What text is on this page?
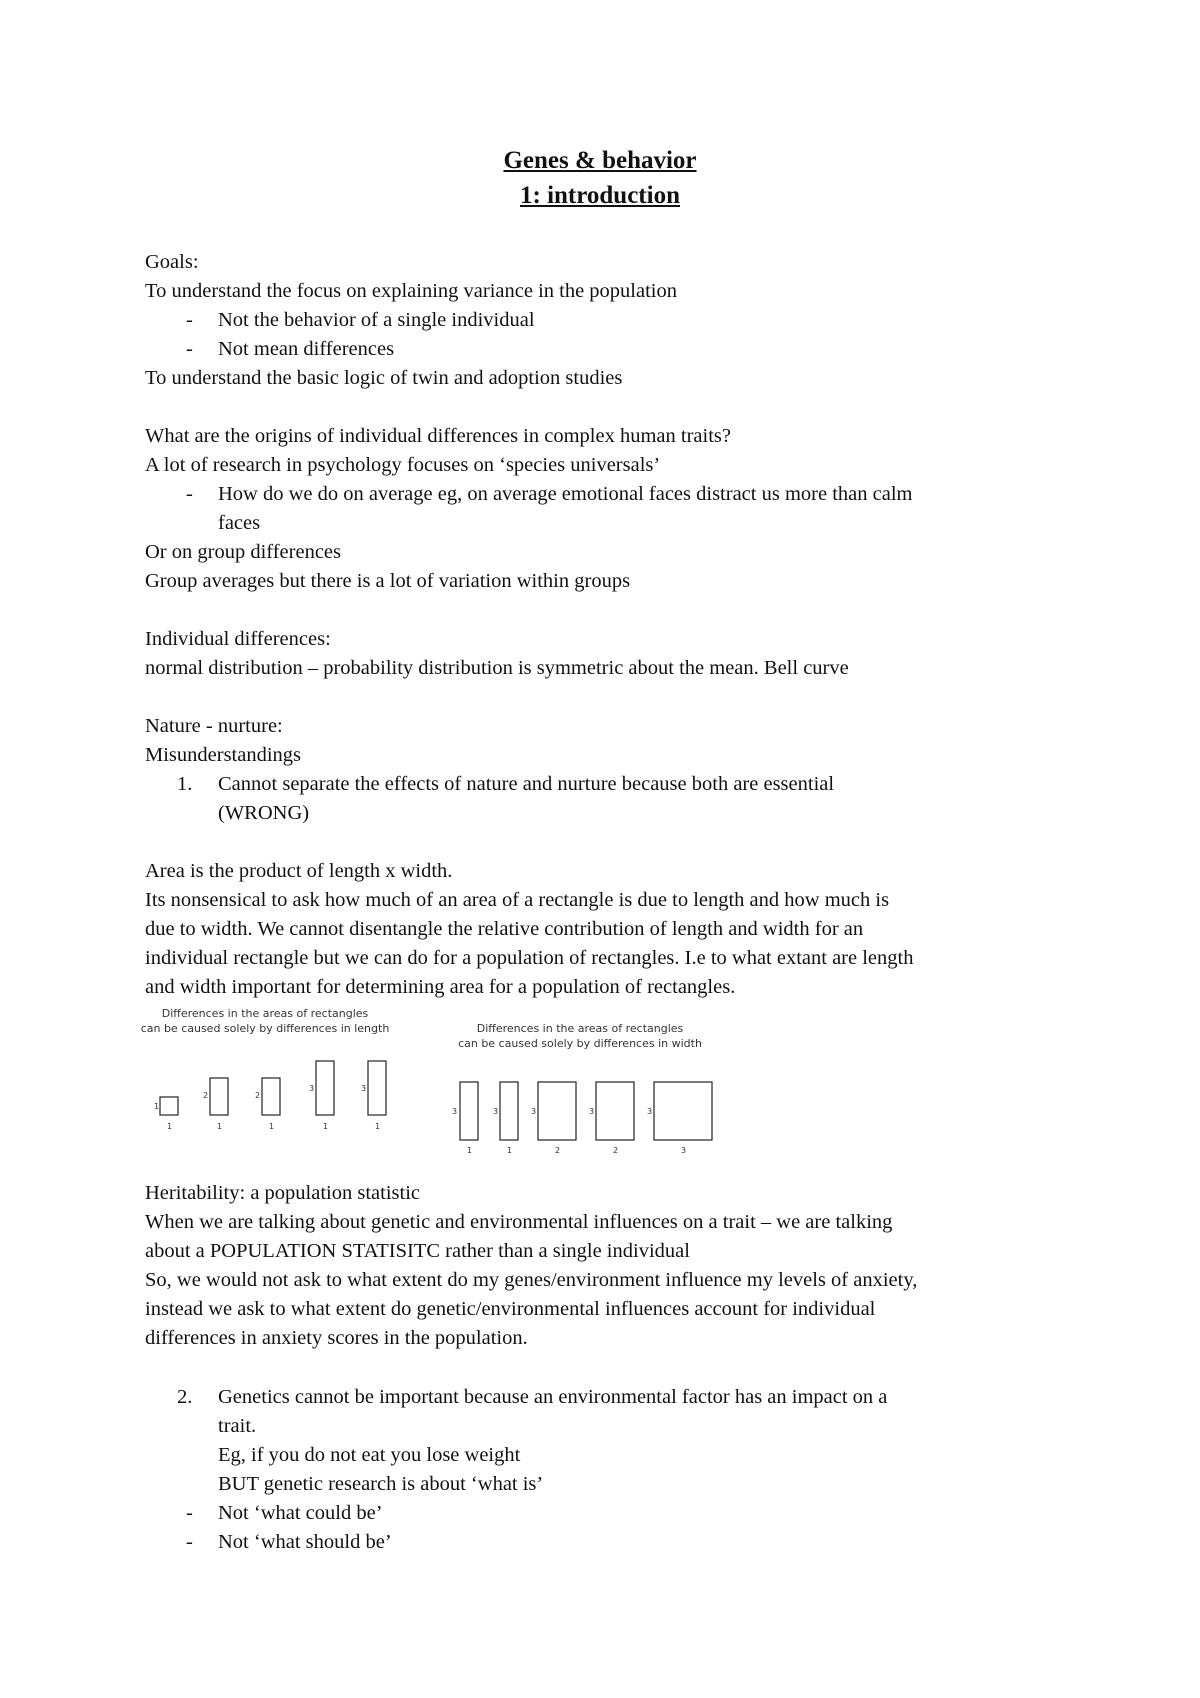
Genes & behavior
1: introduction
Goals:
To understand the focus on explaining variance in the population
- Not the behavior of a single individual
- Not mean differences
To understand the basic logic of twin and adoption studies
What are the origins of individual differences in complex human traits?
A lot of research in psychology focuses on ‘species universals’
- How do we do on average eg, on average emotional faces distract us more than calm
faces
Or on group differences
Group averages but there is a lot of variation within groups
Individual differences:
normal distribution – probability distribution is symmetric about the mean. Bell curve
Nature - nurture:
Misunderstandings
1. Cannot separate the effects of nature and nurture because both are essential
(WRONG)
Area is the product of length x width.
Its nonsensical to ask how much of an area of a rectangle is due to length and how much is
due to width. We cannot disentangle the relative contribution of length and width for an
individual rectangle but we can do for a population of rectangles. I.e to what extant are length
and width important for determining area for a population of rectangles.
Differences in the areas of rectangles
can be caused solely by differences in length
1
1
2
1
2
1
3
1
3
1
Differences in the areas of rectangles
can be caused solely by differences in width
3
1
3
1
3
2
3
2
3
3
Heritability: a population statistic
When we are talking about genetic and environmental influences on a trait – we are talking
about a POPULATION STATISITC rather than a single individual
So, we would not ask to what extent do my genes/environment influence my levels of anxiety,
instead we ask to what extent do genetic/environmental influences account for individual
differences in anxiety scores in the population.
2. Genetics cannot be important because an environmental factor has an impact on a
trait.
Eg, if you do not eat you lose weight
BUT genetic research is about ‘what is’
- Not ‘what could be’
- Not ‘what should be’
